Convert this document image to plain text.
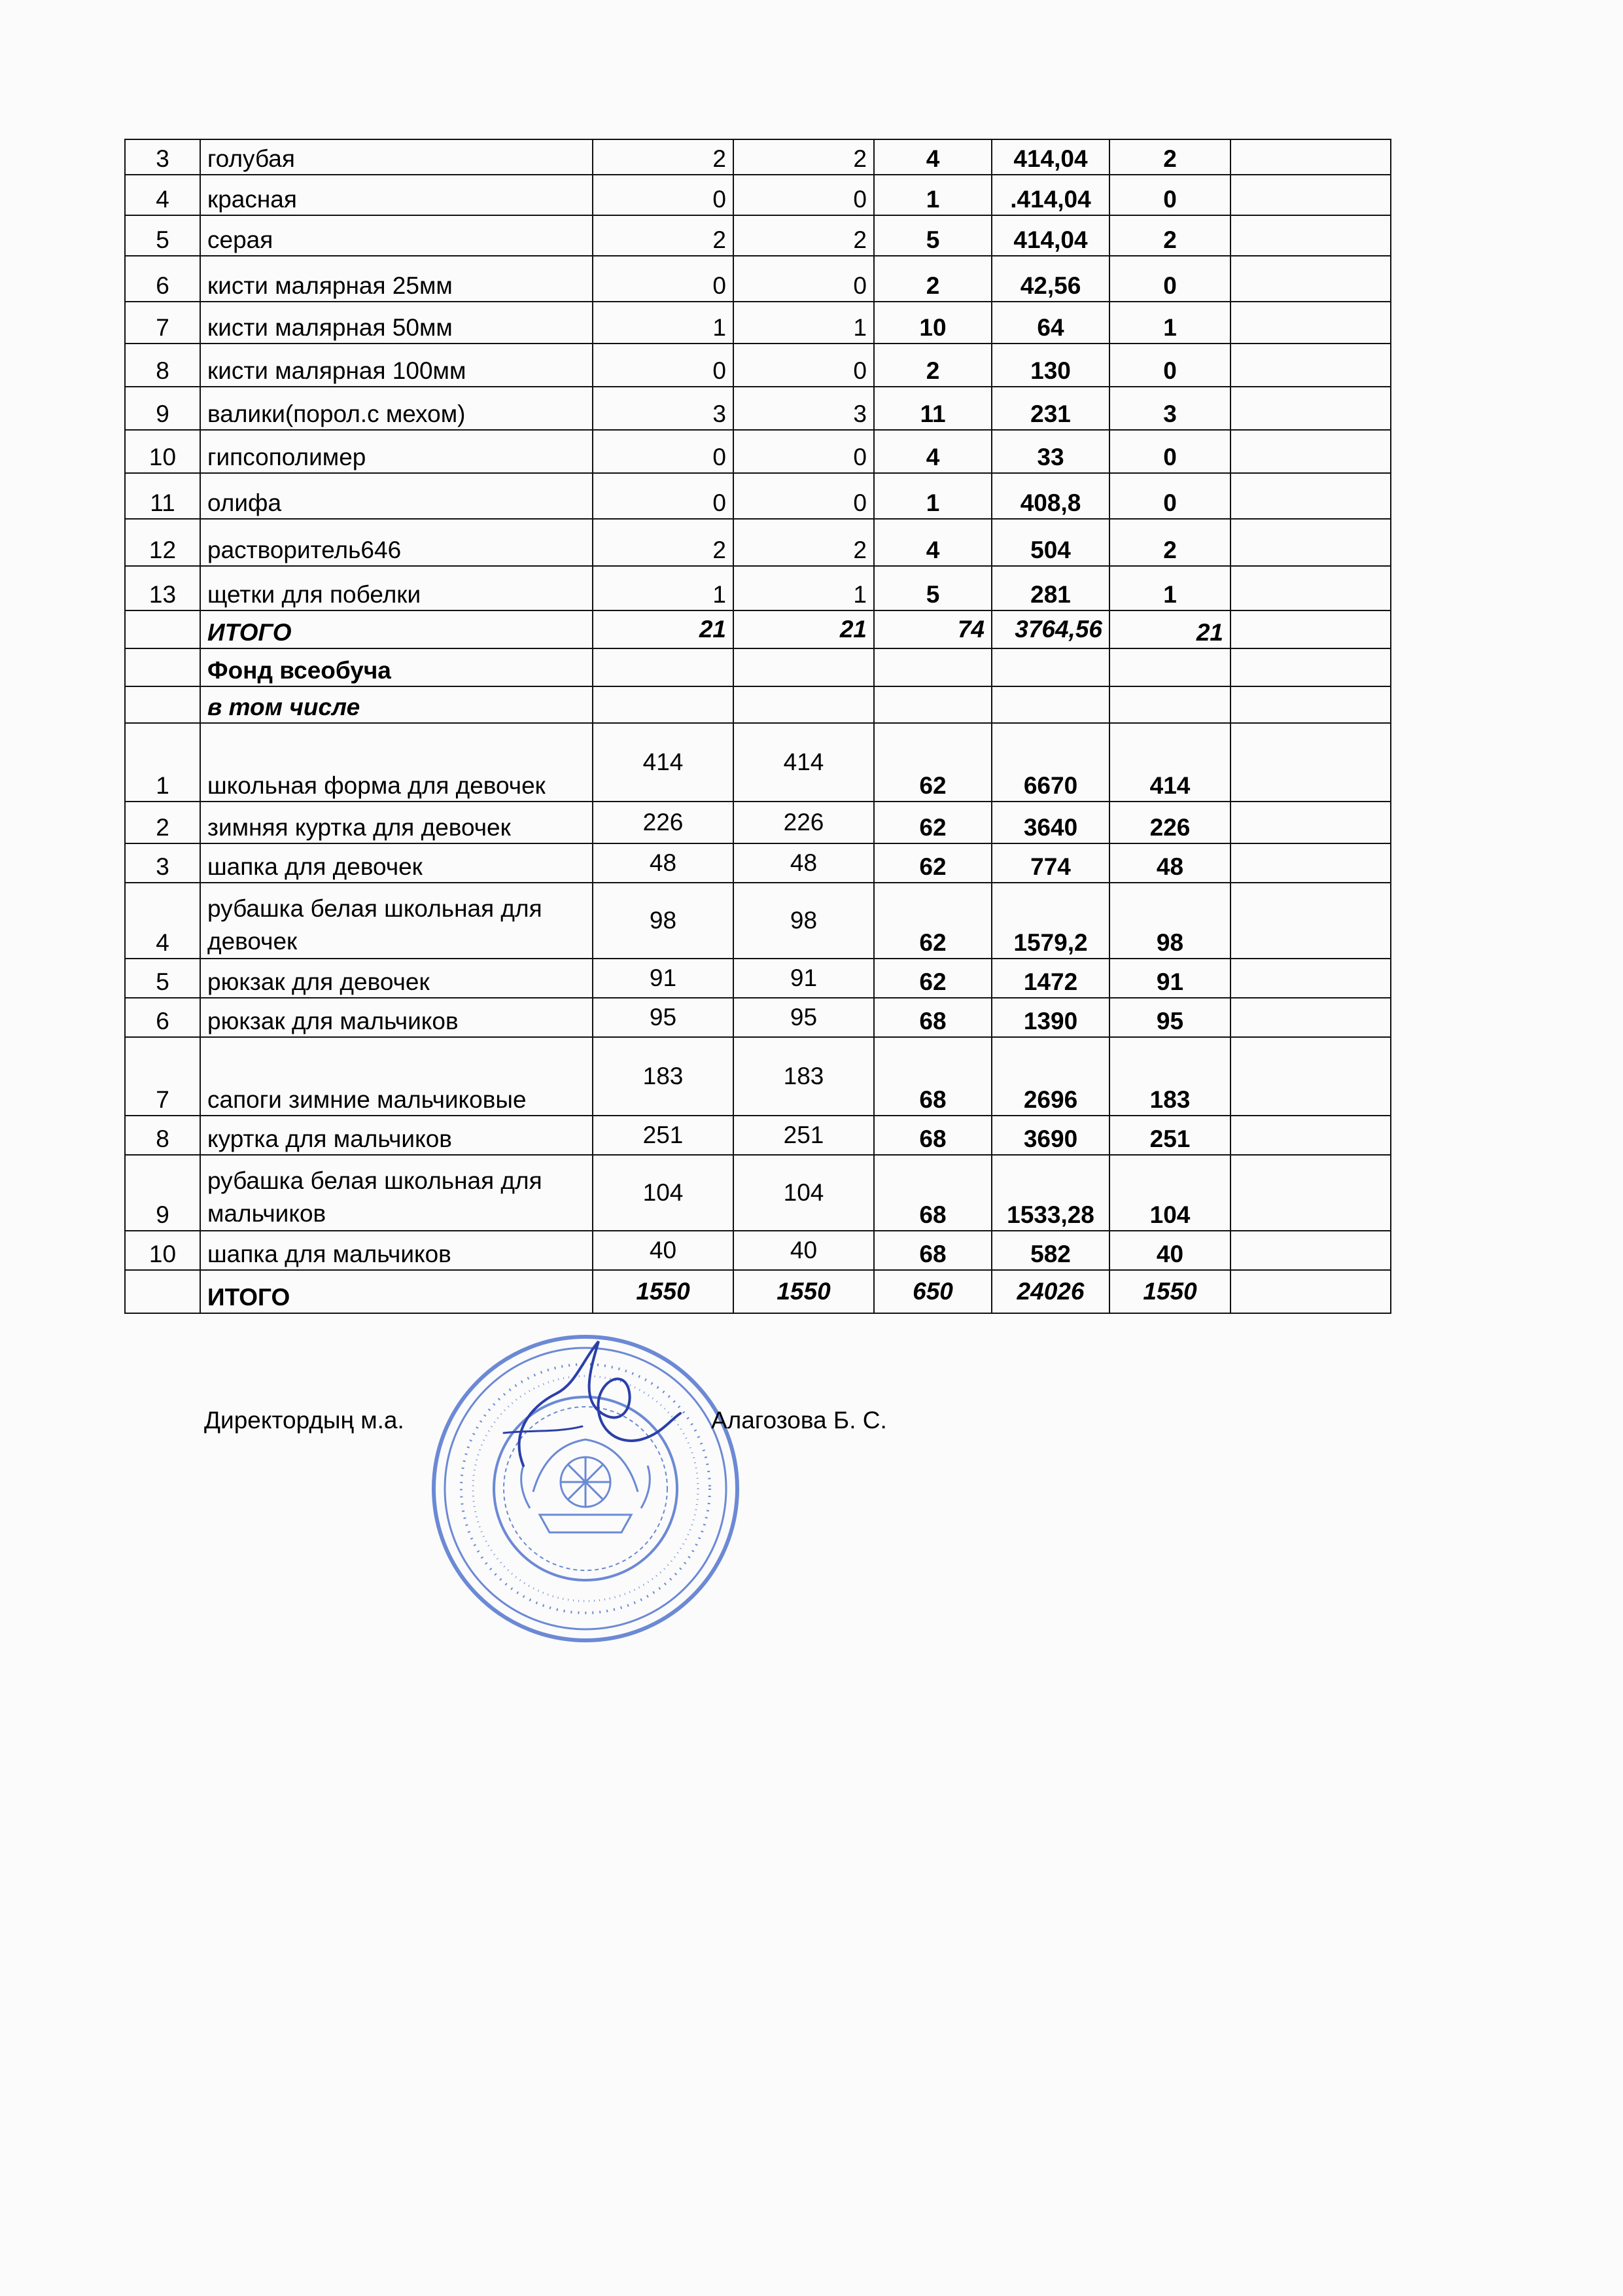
3	голубая	2	2	4	414,04	2	
4	красная	0	0	1	.414,04	0	
5	серая	2	2	5	414,04	2	
6	кисти малярная 25мм	0	0	2	42,56	0	
7	кисти малярная 50мм	1	1	10	64	1	
8	кисти малярная 100мм	0	0	2	130	0	
9	валики(порол.с мехом)	3	3	11	231	3	
10	гипсополимер	0	0	4	33	0	
11	олифа	0	0	1	408,8	0	
12	растворитель646	2	2	4	504	2	
13	щетки для побелки	1	1	5	281	1	
	ИТОГО	21	21	74	3764,56	21	
	Фонд всеобуча						
	в том числе						
1	школьная форма для девочек	414	414	62	6670	414	
2	зимняя куртка для девочек	226	226	62	3640	226	
3	шапка для девочек	48	48	62	774	48	
4	рубашка белая школьная для девочек	98	98	62	1579,2	98	
5	рюкзак для девочек	91	91	62	1472	91	
6	рюкзак для мальчиков	95	95	68	1390	95	
7	сапоги зимние мальчиковые	183	183	68	2696	183	
8	куртка для мальчиков	251	251	68	3690	251	
9	рубашка белая школьная для мальчиков	104	104	68	1533,28	104	
10	шапка для мальчиков	40	40	68	582	40	
	ИТОГО	1550	1550	650	24026	1550	
Директордың м.а.	Алагозова Б. С.
